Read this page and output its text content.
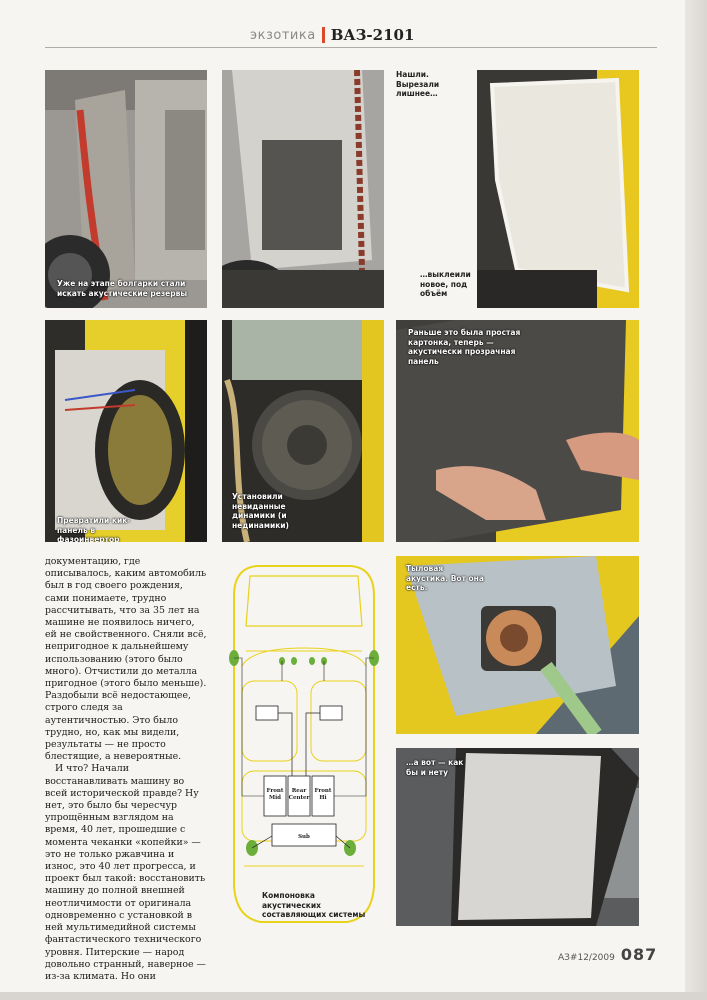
экзотика ВАЗ-2101
Уже на этапе болгарки стали искать акустические резервы
Нашли. Вырезали лишнее…
…выклеили новое, под объём
Превратили кик-панель в фазоинвертор
Установили невиданные динамики (и нединамики)
Раньше это была простая картонка, теперь — акустически прозрачная панель
Тыловая акустика. Вот она есть.
…а вот — как бы и нету
Front
Mid
Rear
Center
Front
Hi
Sub
Компоновка акустических составляющих системы

документацию, где описывалось, каким автомобиль был в год своего рождения, сами понимаете, трудно рассчитывать, что за 35 лет на машине не появилось ничего, ей не свойственного. Сняли всё, непригодное к дальнейшему использованию (этого было много). Отчистили до металла пригодное (этого было меньше). Раздобыли всё недостающее, строго следя за аутентичностью. Это было трудно, но, как мы видели, результаты — не просто блестящие, а невероятные.

И что? Начали восстанавливать машину во всей исторической правде? Ну нет, это было бы чересчур упрощённым взглядом на время, 40 лет, прошедшие с момента чеканки «копейки» — это не только ржавчина и износ, это 40 лет прогресса, и проект был такой: восстановить машину до полной внешней неотличимости от оригинала одновременно с установкой в ней мультимедийной системы фантастического технического уровня. Питерские — народ довольно странный, наверное — из-за климата. Но они

АЗ#12/2009 087
